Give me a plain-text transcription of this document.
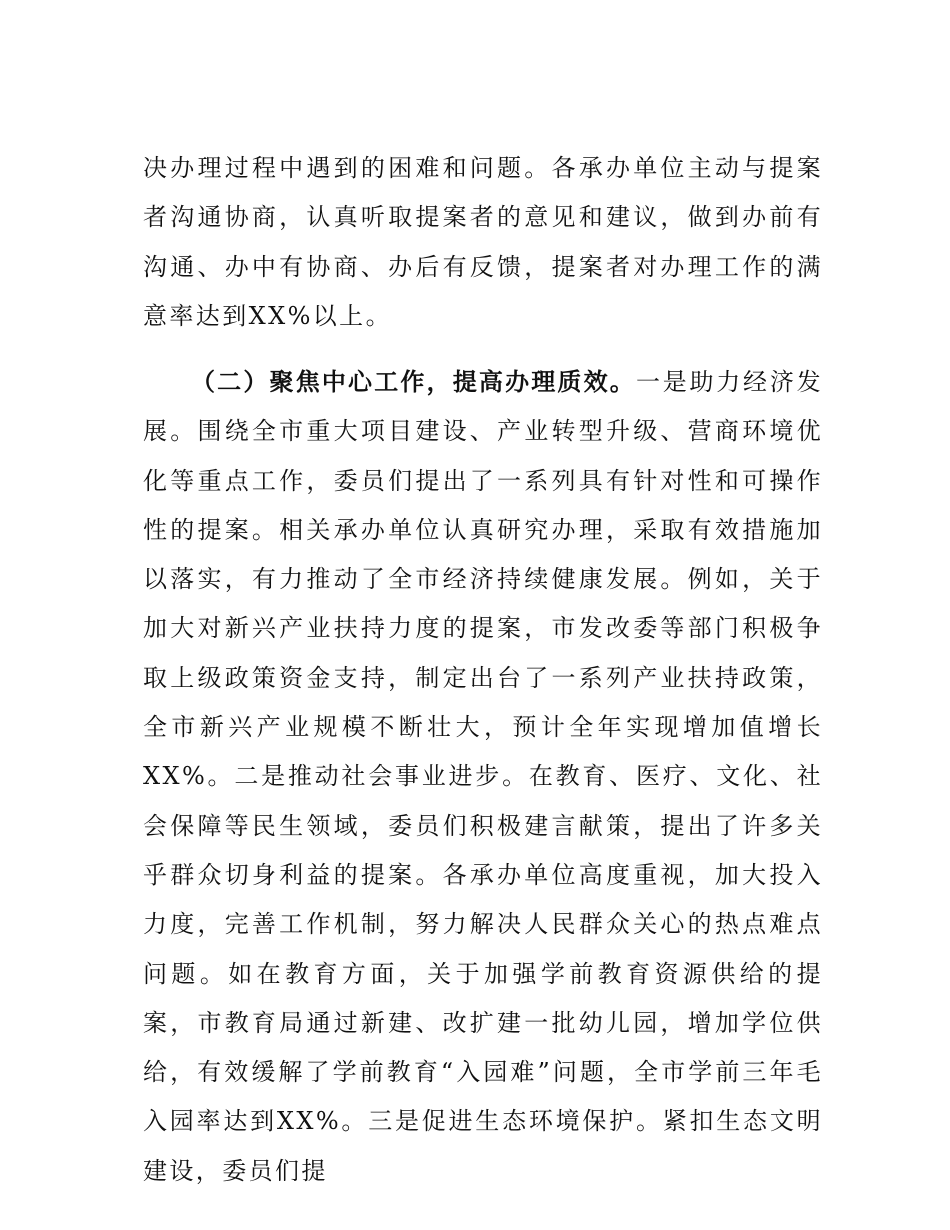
决办理过程中遇到的困难和问题。各承办单位主动与提案者沟通协商，认真听取提案者的意见和建议，做到办前有沟通、办中有协商、办后有反馈，提案者对办理工作的满意率达到XX%以上。

（二）聚焦中心工作，提高办理质效。一是助力经济发展。围绕全市重大项目建设、产业转型升级、营商环境优化等重点工作，委员们提出了一系列具有针对性和可操作性的提案。相关承办单位认真研究办理，采取有效措施加以落实，有力推动了全市经济持续健康发展。例如，关于加大对新兴产业扶持力度的提案，市发改委等部门积极争取上级政策资金支持，制定出台了一系列产业扶持政策，全市新兴产业规模不断壮大，预计全年实现增加值增长XX%。二是推动社会事业进步。在教育、医疗、文化、社会保障等民生领域，委员们积极建言献策，提出了许多关乎群众切身利益的提案。各承办单位高度重视，加大投入力度，完善工作机制，努力解决人民群众关心的热点难点问题。如在教育方面，关于加强学前教育资源供给的提案，市教育局通过新建、改扩建一批幼儿园，增加学位供给，有效缓解了学前教育“入园难”问题，全市学前三年毛入园率达到XX%。三是促进生态环境保护。紧扣生态文明建设，委员们提
